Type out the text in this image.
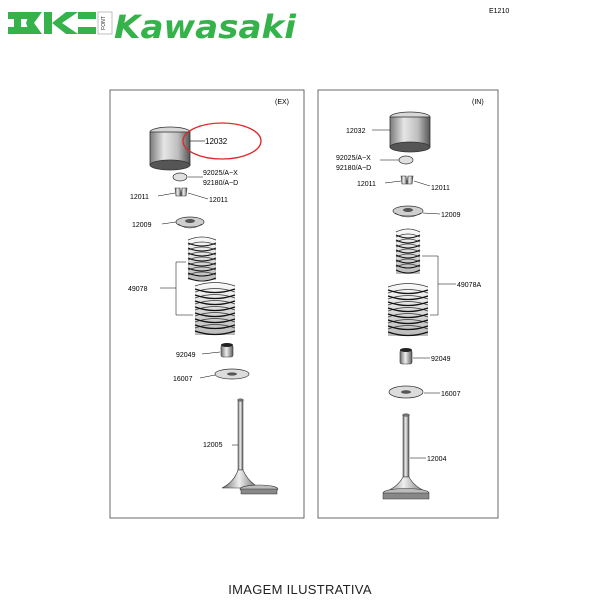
FONT Kawasaki	E1210
(EX)	(IN)
12032
92025/A~X
92180/A~D
12011	12011
12009
49078
92049
16007
12005
12032
92025/A~X
92180/A~D
12011
12011
12009
49078A
92049
16007
12004
IMAGEM ILUSTRATIVA
